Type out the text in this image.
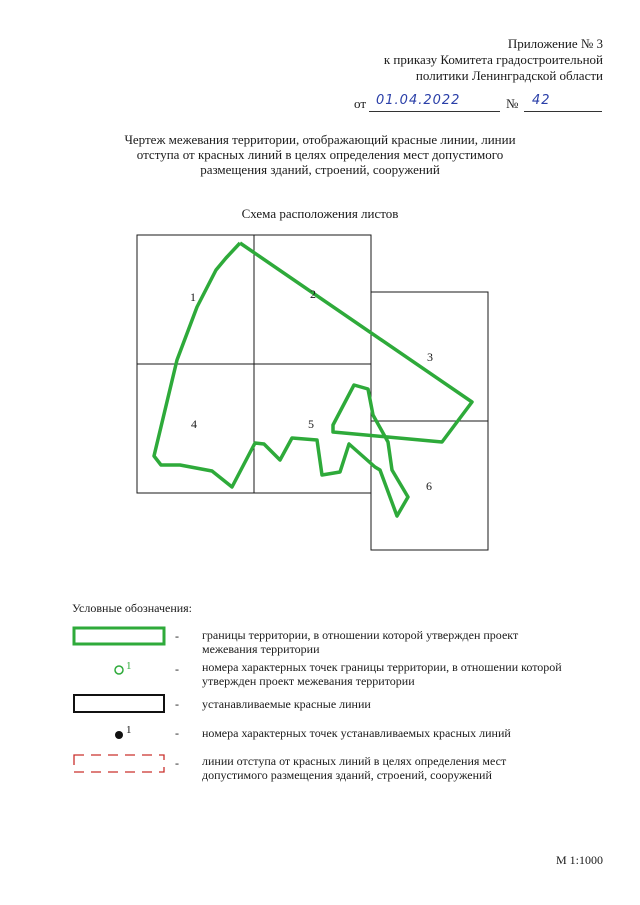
Приложение № 3
к приказу Комитета градостроительной
политики Ленинградской области
от 01.04.2022	№ 42
Чертеж межевания территории, отображающий красные линии, линии
отступа от красных линий в целях определения мест допустимого
размещения зданий, строений, сооружений
Схема расположения листов
1	2
3
4	5
6
Условные обозначения:
- границы территории, в отношении которой утвержден проект
межевания территории
1	- номера характерных точек границы территории, в отношении которой
утвержден проект межевания территории
- устанавливаемые красные линии
1	- номера характерных точек устанавливаемых красных линий
- линии отступа от красных линий в целях определения мест
допустимого размещения зданий, строений, сооружений
М 1:1000
